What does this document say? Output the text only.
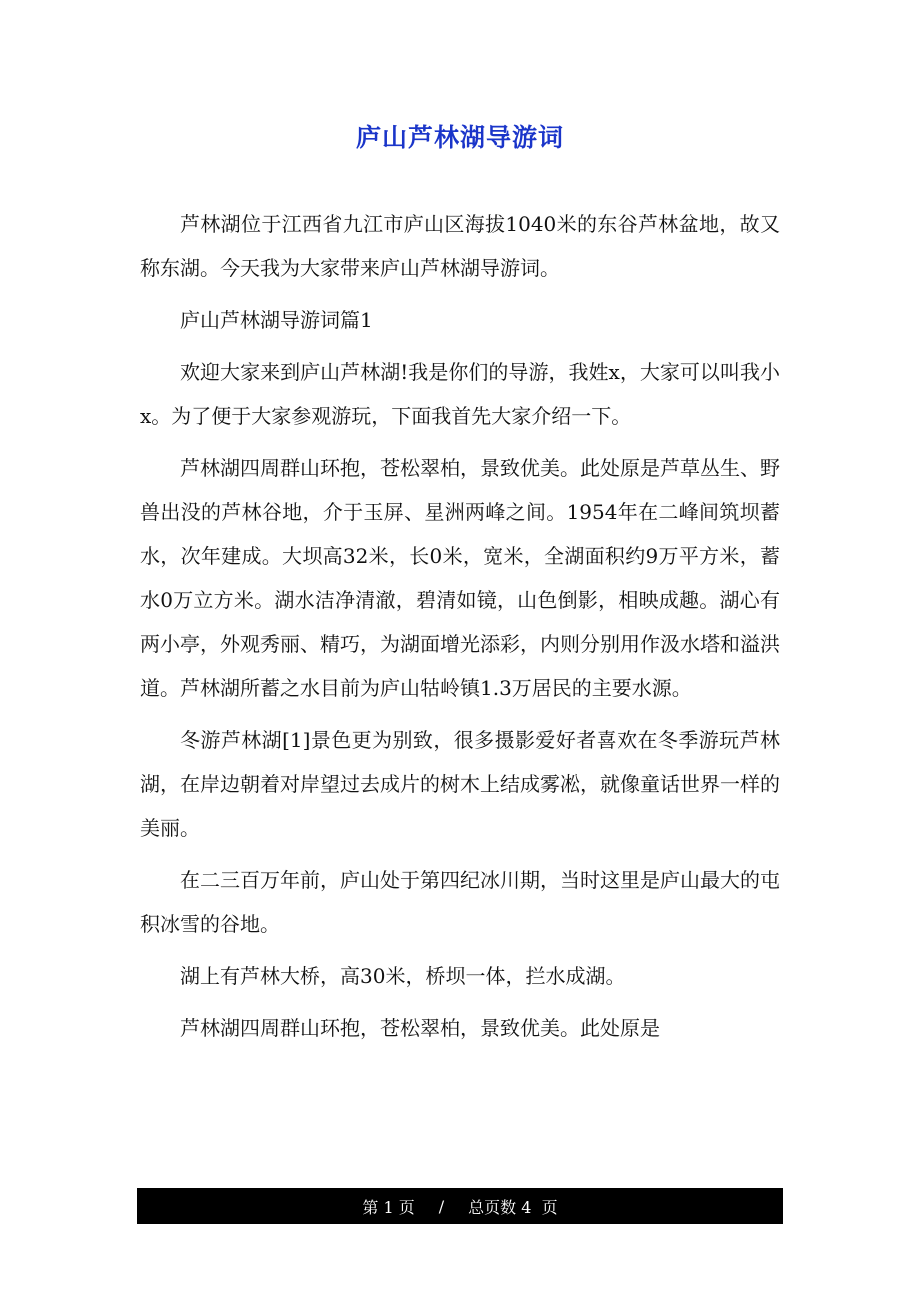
庐山芦林湖导游词

芦林湖位于江西省九江市庐山区海拔1040米的东谷芦林盆地，故又称东湖。今天我为大家带来庐山芦林湖导游词。

庐山芦林湖导游词篇1

欢迎大家来到庐山芦林湖!我是你们的导游，我姓x，大家可以叫我小x。为了便于大家参观游玩，下面我首先大家介绍一下。

芦林湖四周群山环抱，苍松翠柏，景致优美。此处原是芦草丛生、野兽出没的芦林谷地，介于玉屏、星洲两峰之间。1954年在二峰间筑坝蓄水，次年建成。大坝高32米，长0米，宽米，全湖面积约9万平方米，蓄水0万立方米。湖水洁净清澈，碧清如镜，山色倒影，相映成趣。湖心有两小亭，外观秀丽、精巧，为湖面增光添彩，内则分别用作汲水塔和溢洪道。芦林湖所蓄之水目前为庐山牯岭镇1.3万居民的主要水源。

冬游芦林湖[1]景色更为别致，很多摄影爱好者喜欢在冬季游玩芦林湖，在岸边朝着对岸望过去成片的树木上结成雾凇，就像童话世界一样的美丽。

在二三百万年前，庐山处于第四纪冰川期，当时这里是庐山最大的屯积冰雪的谷地。

湖上有芦林大桥，高30米，桥坝一体，拦水成湖。

芦林湖四周群山环抱，苍松翠柏，景致优美。此处原是

第 1 页 / 总页数 4  页
